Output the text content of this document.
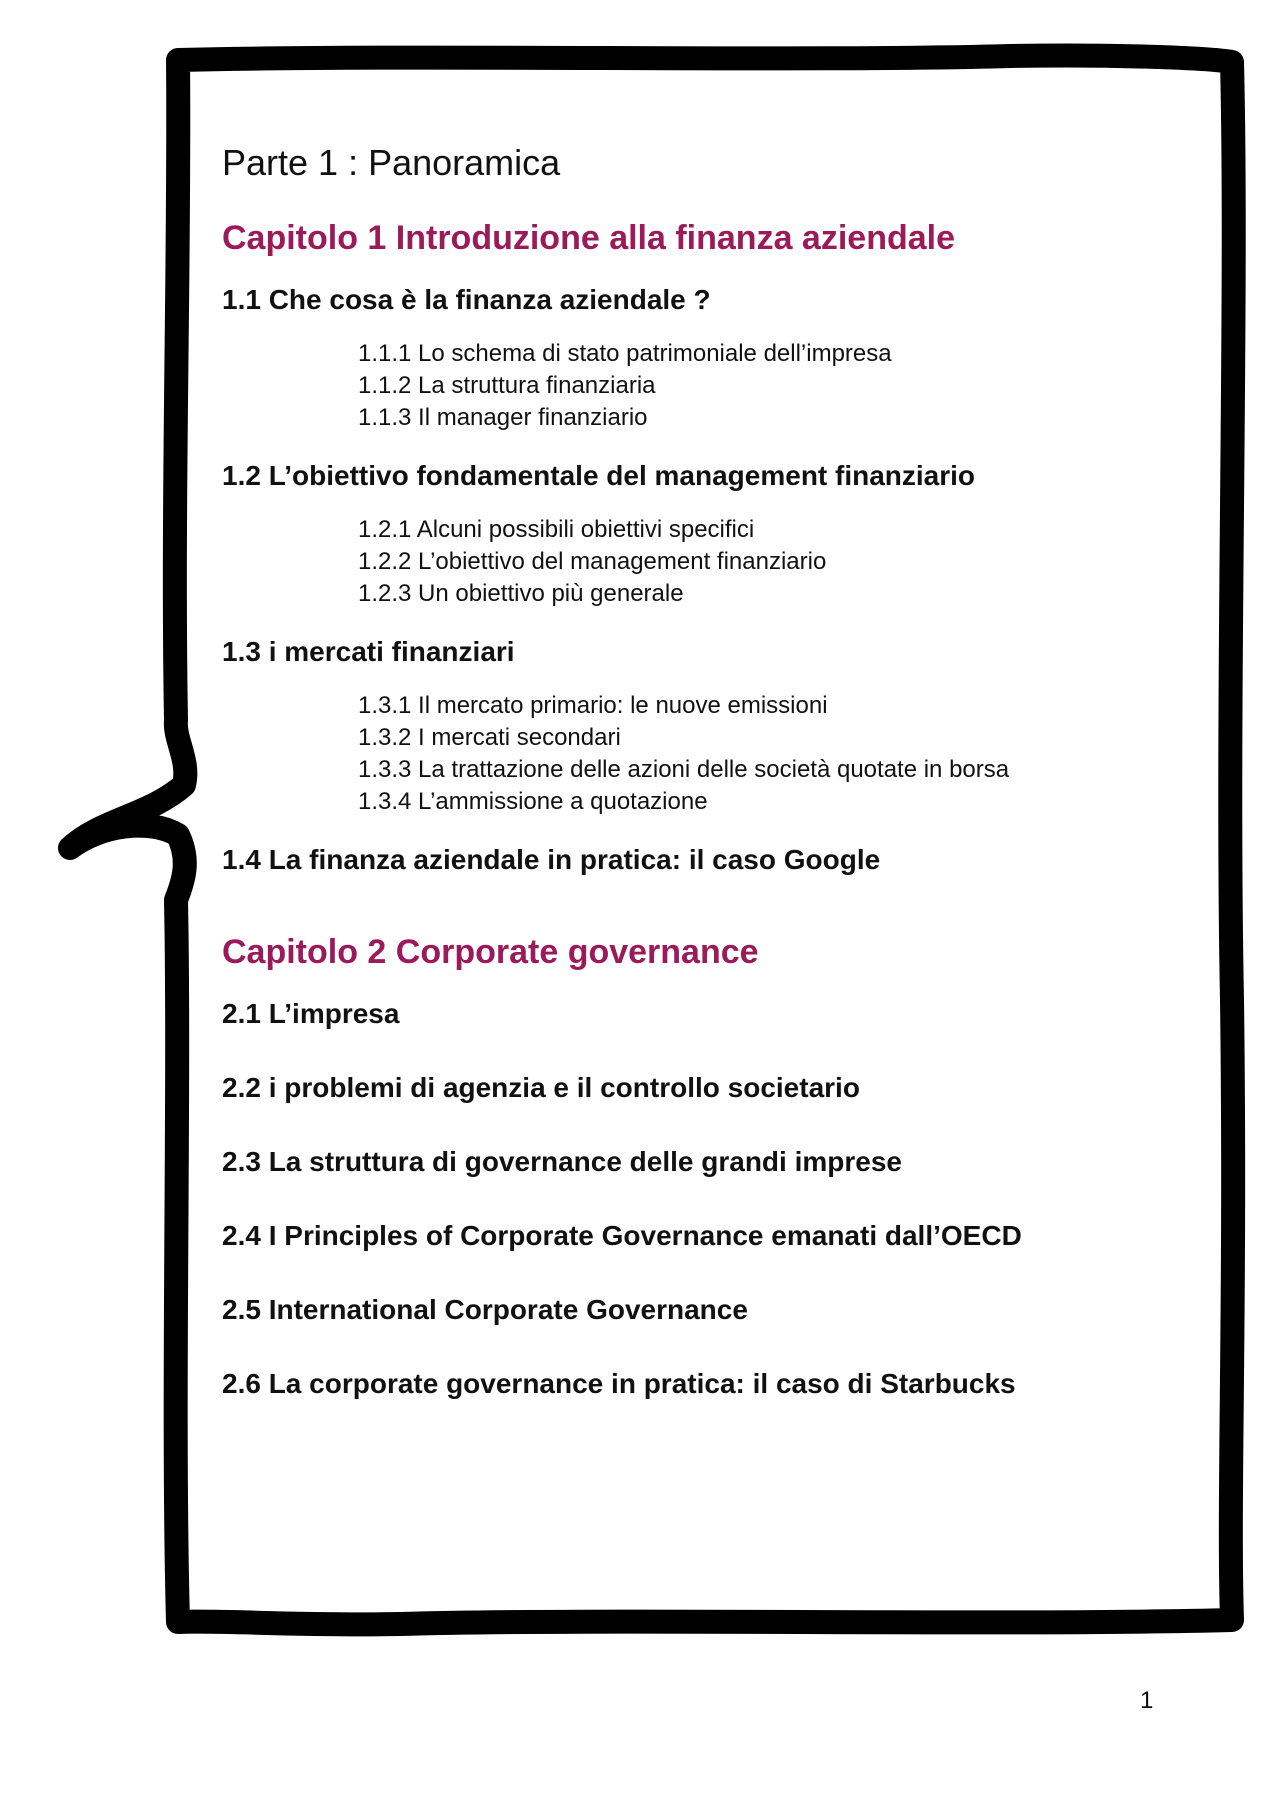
Parte 1 : Panoramica
Capitolo 1 Introduzione alla finanza aziendale
1.1 Che cosa è la finanza aziendale ?
1.1.1 Lo schema di stato patrimoniale dell’impresa
1.1.2 La struttura finanziaria
1.1.3 Il manager finanziario
1.2 L’obiettivo fondamentale del management finanziario
1.2.1 Alcuni possibili obiettivi specifici
1.2.2 L’obiettivo del management finanziario
1.2.3 Un obiettivo più generale
1.3 i mercati finanziari
1.3.1 Il mercato primario: le nuove emissioni
1.3.2 I mercati secondari
1.3.3 La trattazione delle azioni delle società quotate in borsa
1.3.4 L’ammissione a quotazione
1.4 La finanza aziendale in pratica: il caso Google
Capitolo 2 Corporate governance
2.1 L’impresa
2.2 i problemi di agenzia e il controllo societario
2.3 La struttura di governance delle grandi imprese
2.4 I Principles of Corporate Governance emanati dall’OECD
2.5 International Corporate Governance
2.6 La corporate governance in pratica: il caso di Starbucks
1
